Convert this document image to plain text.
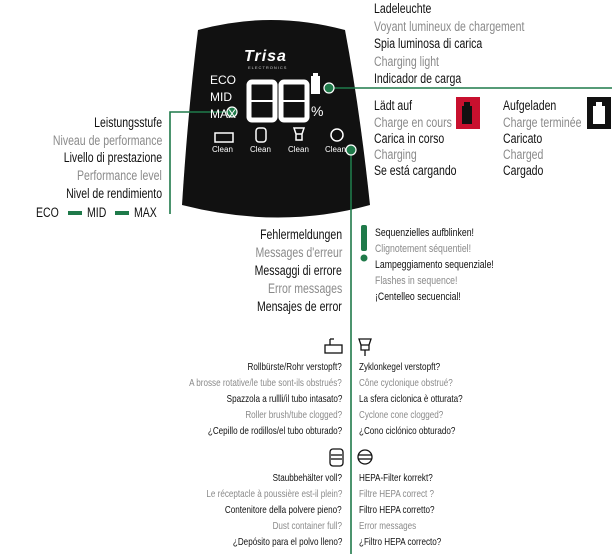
Trisa
ELECTRONICS
ECO
MID
MAX	%
Clean Clean Clean Clean
Ladeleuchte
Voyant lumineux de chargement
Spia luminosa di carica
Charging light
Indicador de carga
Lädt auf
Charge en cours
Carica in corso
Charging
Se está cargando
Aufgeladen
Charge terminée
Caricato
Charged
Cargado
Leistungsstufe
Niveau de performance
Livello di prestazione
Performance level
Nivel de rendimiento
ECO MID MAX
Fehlermeldungen
Messages d'erreur
Messaggi di errore
Error messages
Mensajes de error
Sequenzielles aufblinken!
Clignotement séquentiel!
Lampeggiamento sequenziale!
Flashes in sequence!
¡Centelleo secuencial!
Rollbürste/Rohr verstopft?
A brosse rotative/le tube sont-ils obstrués?
Spazzola a rullli/il tubo intasato?
Roller brush/tube clogged?
¿Cepillo de rodillos/el tubo obturado?
Zyklonkegel verstopft?
Cône cyclonique obstrué?
La sfera ciclonica è otturata?
Cyclone cone clogged?
¿Cono ciclónico obturado?
Staubbehälter voll?
Le réceptacle à poussière est-il plein?
Contenitore della polvere pieno?
Dust container full?
¿Depósito para el polvo lleno?
HEPA-Filter korrekt?
Filtre HEPA correct ?
Filtro HEPA corretto?
Error messages
¿Filtro HEPA correcto?
